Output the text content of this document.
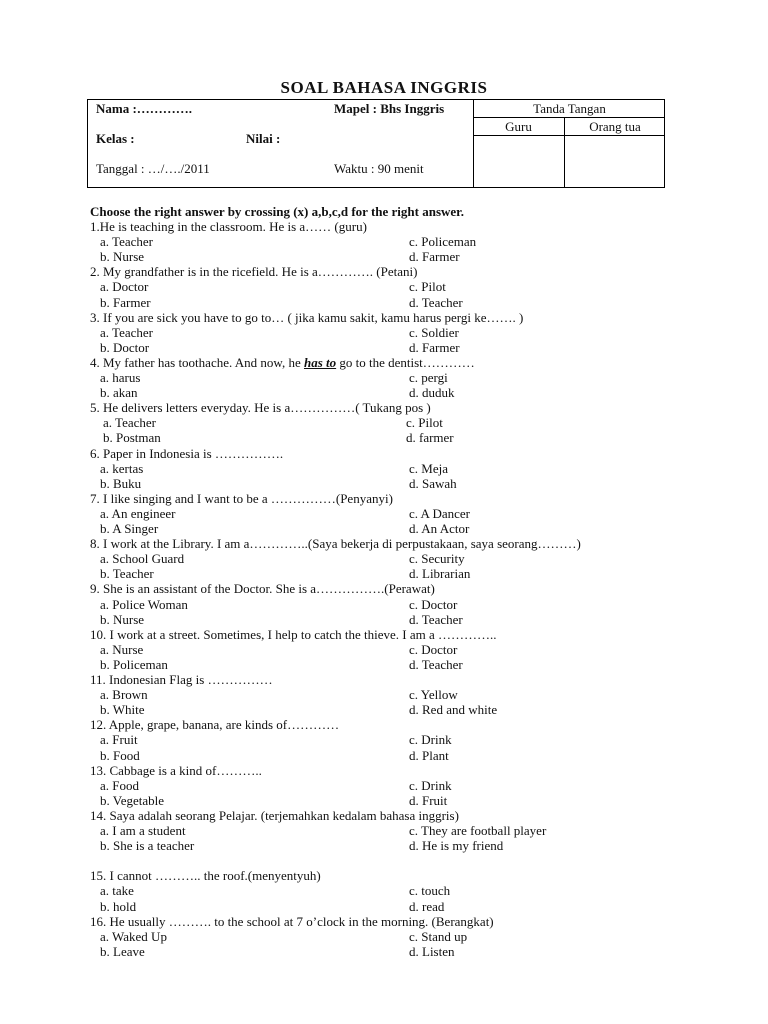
SOAL BAHASA INGGRIS
Nama :………….	Mapel : Bhs Inggris
Kelas :	Nilai :
Tanggal : …/…./2011	Waktu : 90 menit
Tanda Tangan
Guru	Orang tua
Choose the right answer by crossing (x) a,b,c,d for the right answer.
1.He is teaching in the classroom. He is a…… (guru)
a. Teacher
b. Nurse
c. Policeman
d. Farmer
2. My grandfather is in the ricefield. He is a…………. (Petani)
a. Doctor
b. Farmer
c. Pilot
d. Teacher
3. If you are sick you have to go to… ( jika kamu sakit, kamu harus pergi ke……. )
a. Teacher
b. Doctor
c. Soldier
d. Farmer
4. My father has toothache. And now, he has to go to the dentist…………
a. harus
b. akan
c. pergi
d. duduk
5. He delivers letters everyday. He is a……………( Tukang pos )
a. Teacher
b. Postman
c. Pilot
d. farmer
6. Paper in Indonesia is …………….
a. kertas
b. Buku
c. Meja
d. Sawah
7. I like singing and I want to be a ……………(Penyanyi)
a. An engineer
b. A Singer
c. A Dancer
d. An Actor
8. I work at the Library. I am a…………..(Saya bekerja di perpustakaan, saya seorang………)
a. School Guard
b. Teacher
c. Security
d. Librarian
9. She is an assistant of the Doctor. She is a…………….(Perawat)
a. Police Woman
b. Nurse
c. Doctor
d. Teacher
10. I work at a street. Sometimes, I help to catch the thieve. I am a …………..
a. Nurse
b. Policeman
c. Doctor
d. Teacher
11. Indonesian Flag is ……………
a. Brown
b. White
c. Yellow
d. Red and white
12. Apple, grape, banana, are kinds of…………
a. Fruit
b. Food
c. Drink
d. Plant
13. Cabbage is a kind of………..
a. Food
b. Vegetable
c. Drink
d. Fruit
14. Saya adalah seorang Pelajar. (terjemahkan kedalam bahasa inggris)
a. I am a student
b. She is a teacher
c. They are football player
d. He is my friend
15. I cannot ……….. the roof.(menyentyuh)
a. take
b. hold
c. touch
d. read
16. He usually ………. to the school at 7 o’clock in the morning. (Berangkat)
a. Waked Up
b. Leave
c. Stand up
d. Listen
